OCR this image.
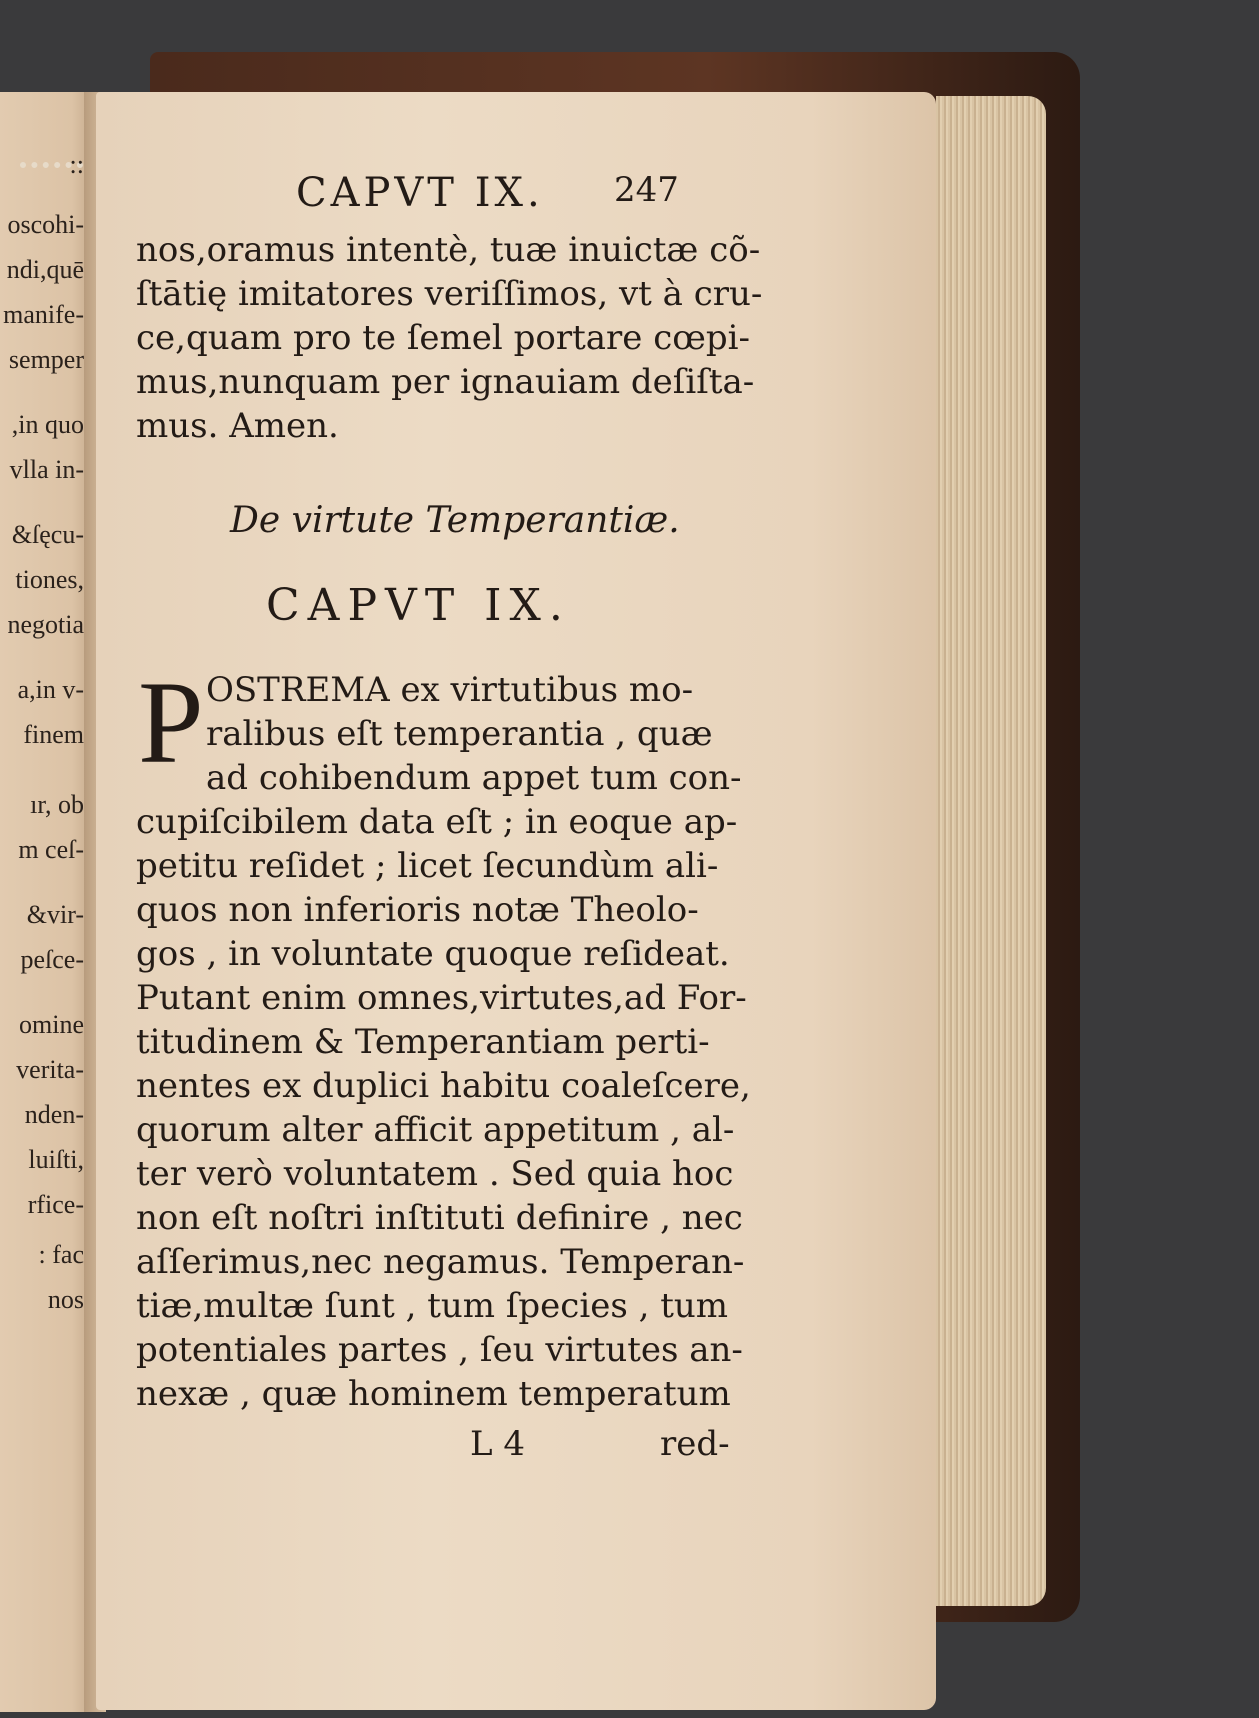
::
oscohi-
ndi,quē
manife-
semper
,in quo
vlla in-
&ſęcu-
tiones,
negotia
a,in v-
finem
ır, ob
m ceſ-
&vir-
peſce-
omine
verita-
nden-
luiſti,
rfice-
: fac
nos
CAPVT IX. 247
nos,oramus intentè, tuæ inuictæ cõ-
ſtātię imitatores veriſſimos, vt à cru-
ce,quam pro te ſemel portare cœpi-
mus,nunquam per ignauiam deſiſta-
mus. Amen.
De virtute Temperantiæ.
CAPVT IX.
P OSTREMA ex virtutibus mo-
ralibus eſt temperantia , quæ
ad cohibendum appet tum con-
cupiſcibilem data eſt ; in eoque ap-
petitu reſidet ; licet ſecundùm ali-
quos non inferioris notæ Theolo-
gos , in voluntate quoque reſideat.
Putant enim omnes,virtutes,ad For-
titudinem & Temperantiam perti-
nentes ex duplici habitu coaleſcere,
quorum alter afficit appetitum , al-
ter verò voluntatem . Sed quia hoc
non eſt noſtri inſtituti definire , nec
aſſerimus,nec negamus. Temperan-
tiæ,multæ ſunt , tum ſpecies , tum
potentiales partes , ſeu virtutes an-
nexæ , quæ hominem temperatum
L 4	red-
